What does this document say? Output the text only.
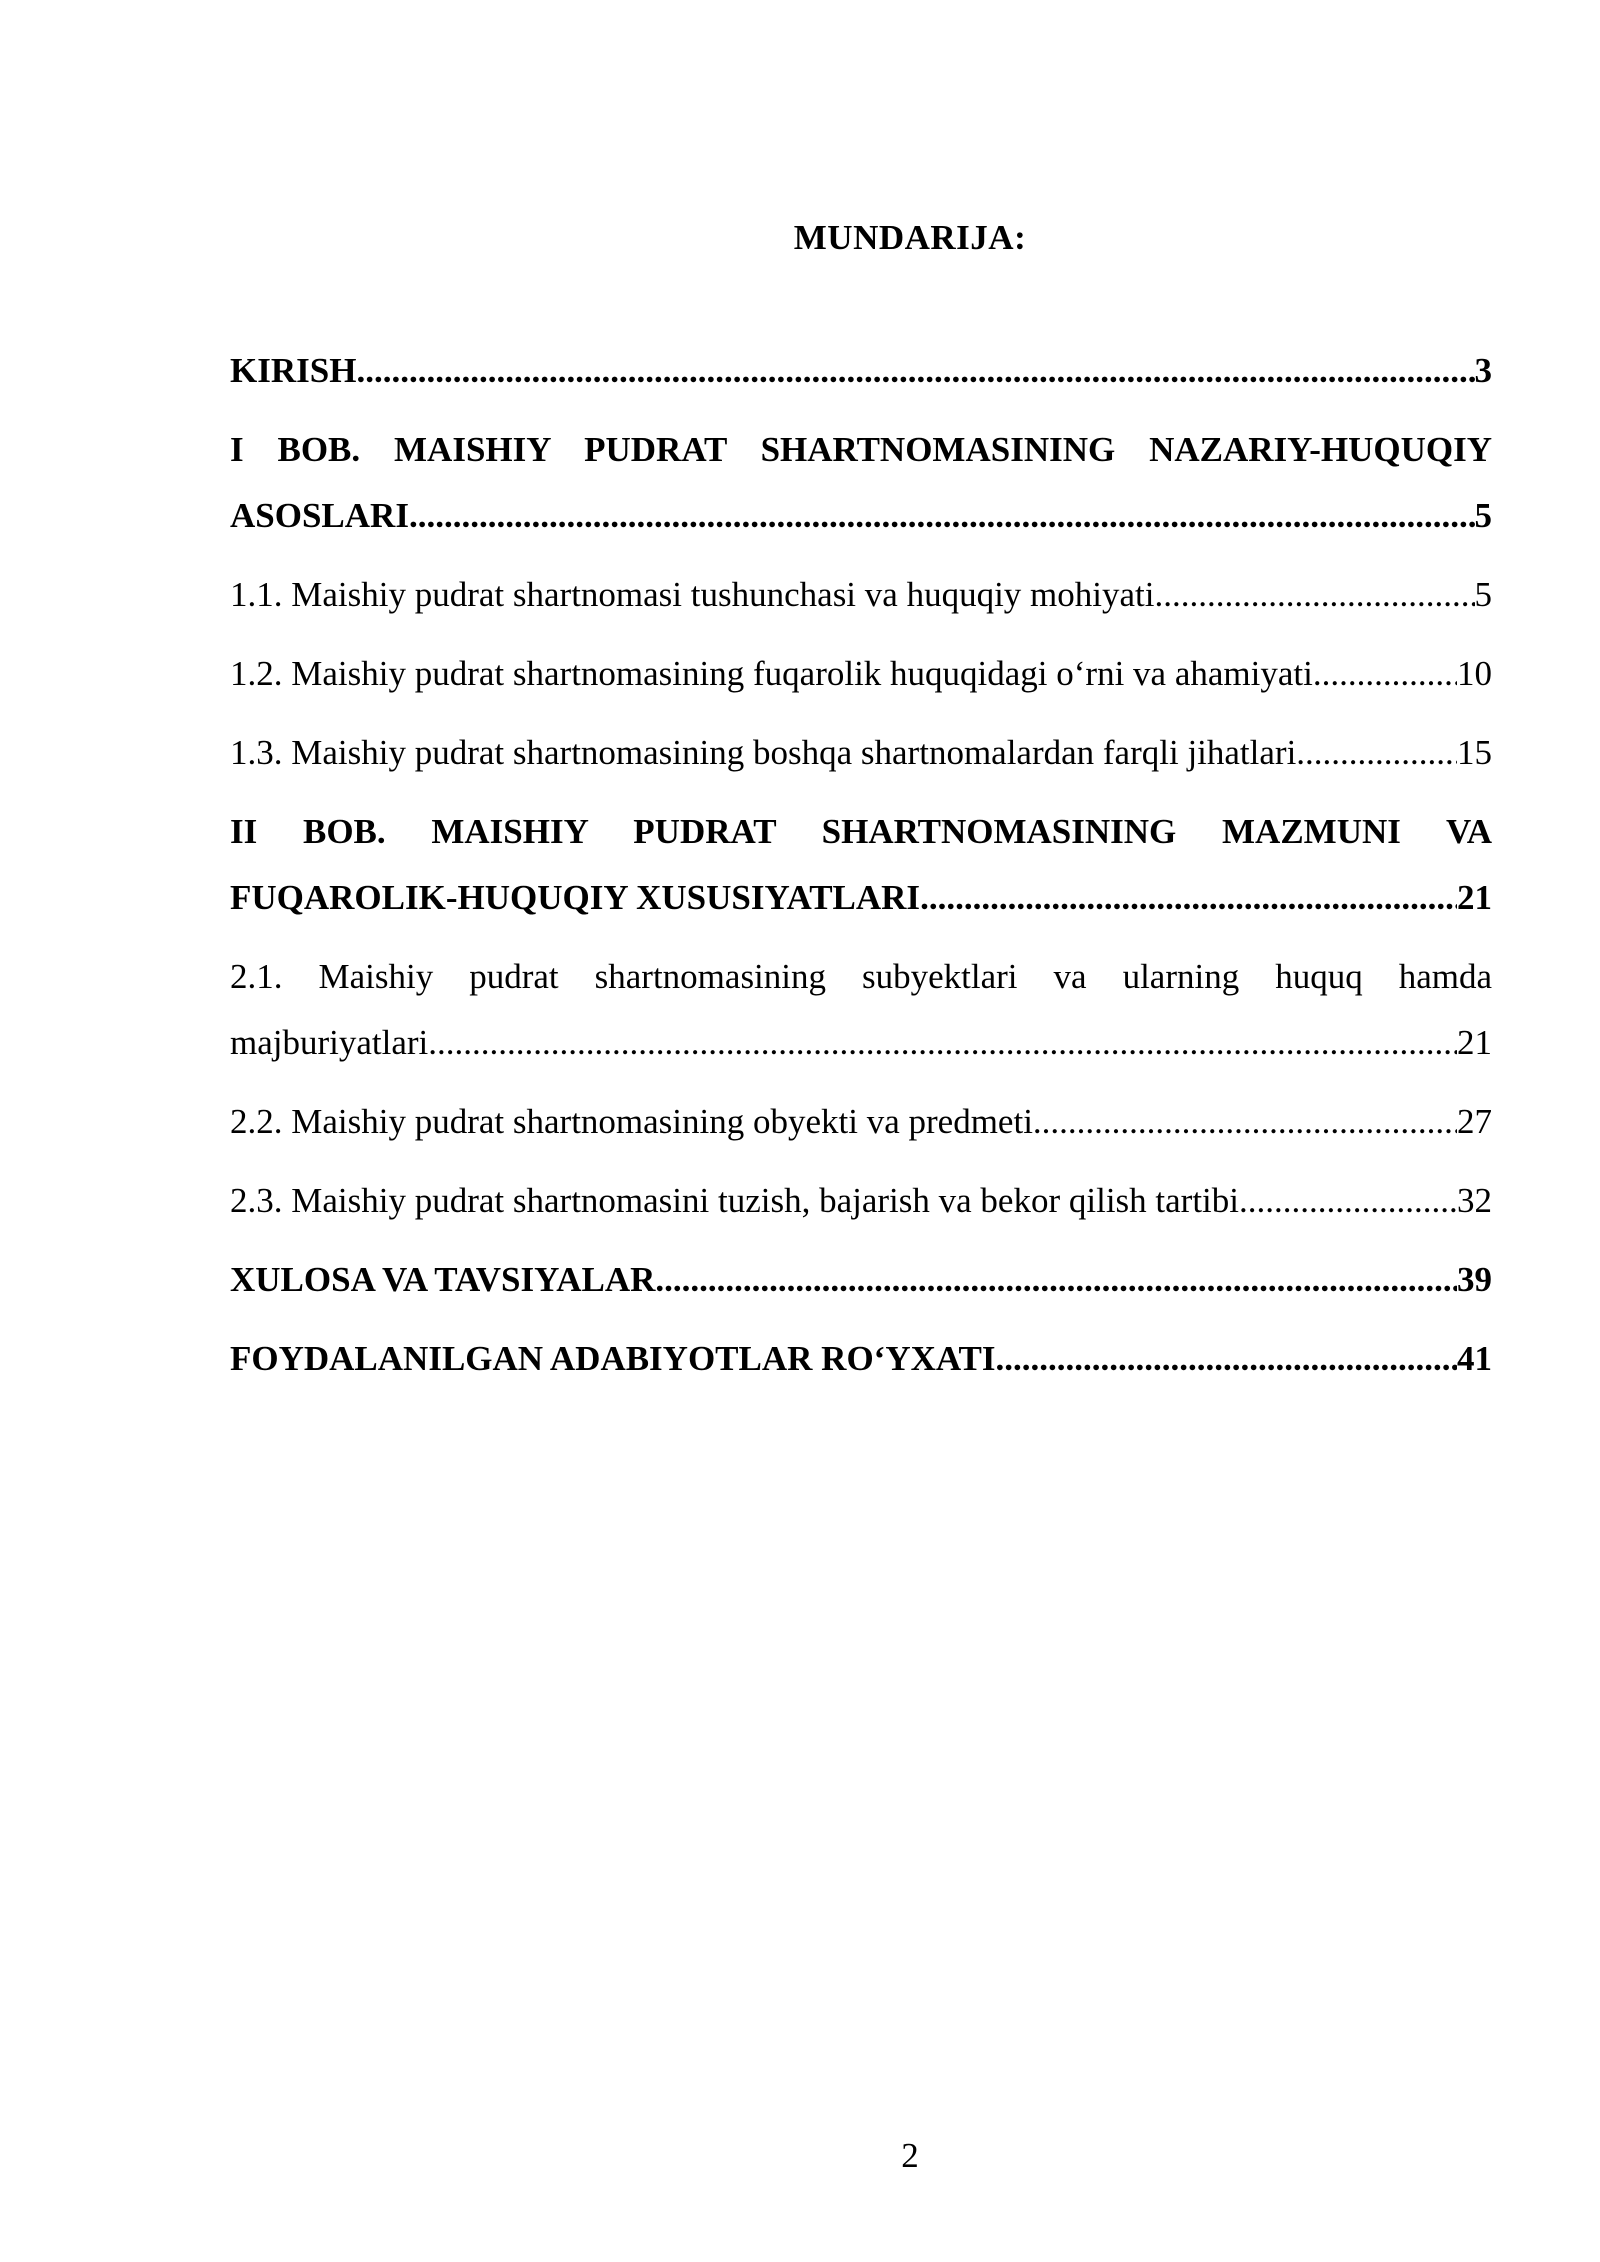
MUNDARIJA:
KIRISH .....	3
I BOB. MAISHIY PUDRAT SHARTNOMASINING NAZARIY-HUQUQIY
ASOSLARI .....	5
1.1. Maishiy pudrat shartnomasi tushunchasi va huquqiy mohiyati .....	5
1.2. Maishiy pudrat shartnomasining fuqarolik huquqidagi o‘rni va ahamiyati .....	10
1.3. Maishiy pudrat shartnomasining boshqa shartnomalardan farqli jihatlari .....	15
II BOB. MAISHIY PUDRAT SHARTNOMASINING MAZMUNI VA
FUQAROLIK-HUQUQIY XUSUSIYATLARI .....	21
2.1. Maishiy pudrat shartnomasining subyektlari va ularning huquq hamda
majburiyatlari .....	21
2.2. Maishiy pudrat shartnomasining obyekti va predmeti .....	27
2.3. Maishiy pudrat shartnomasini tuzish, bajarish va bekor qilish tartibi .....	32
XULOSA VA TAVSIYALAR .....	39
FOYDALANILGAN ADABIYOTLAR RO‘YXATI .....	41
2
